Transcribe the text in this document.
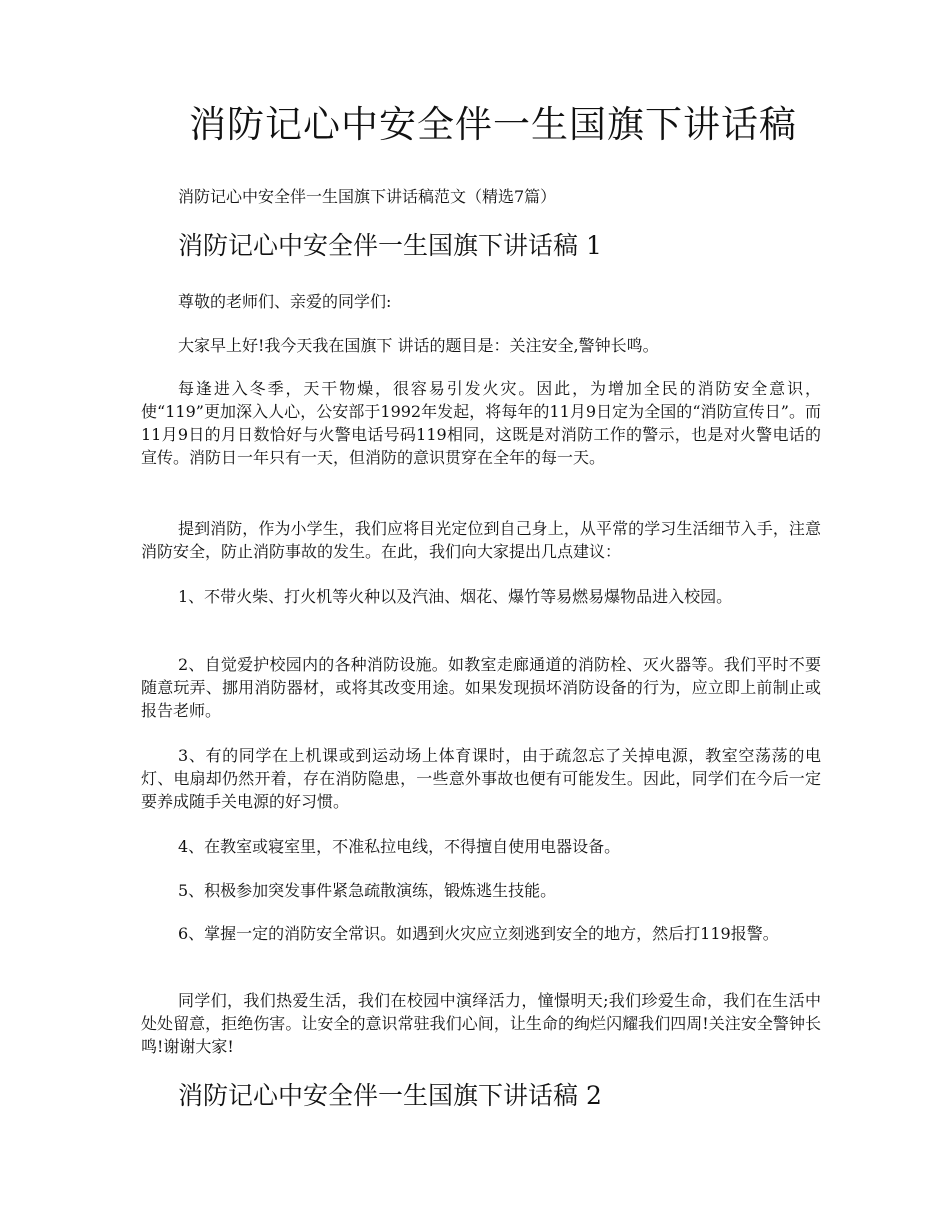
消防记心中安全伴一生国旗下讲话稿

消防记心中安全伴一生国旗下讲话稿范文（精选7篇）

消防记心中安全伴一生国旗下讲话稿 1

尊敬的老师们、亲爱的同学们:

大家早上好!我今天我在国旗下 讲话的题目是：关注安全,警钟长鸣。

每逢进入冬季，天干物燥，很容易引发火灾。因此，为增加全民的消防安全意识，使“119”更加深入人心，公安部于1992年发起，将每年的11月9日定为全国的“消防宣传日”。而11月9日的月日数恰好与火警电话号码119相同，这既是对消防工作的警示，也是对火警电话的宣传。消防日一年只有一天，但消防的意识贯穿在全年的每一天。

提到消防，作为小学生，我们应将目光定位到自己身上，从平常的学习生活细节入手，注意消防安全，防止消防事故的发生。在此，我们向大家提出几点建议：

1、不带火柴、打火机等火种以及汽油、烟花、爆竹等易燃易爆物品进入校园。

2、自觉爱护校园内的各种消防设施。如教室走廊通道的消防栓、灭火器等。我们平时不要随意玩弄、挪用消防器材，或将其改变用途。如果发现损坏消防设备的行为，应立即上前制止或报告老师。

3、有的同学在上机课或到运动场上体育课时，由于疏忽忘了关掉电源，教室空荡荡的电灯、电扇却仍然开着，存在消防隐患，一些意外事故也便有可能发生。因此，同学们在今后一定要养成随手关电源的好习惯。

4、在教室或寝室里，不准私拉电线，不得擅自使用电器设备。

5、积极参加突发事件紧急疏散演练，锻炼逃生技能。

6、掌握一定的消防安全常识。如遇到火灾应立刻逃到安全的地方，然后打119报警。

同学们，我们热爱生活，我们在校园中演绎活力，憧憬明天;我们珍爱生命，我们在生活中处处留意，拒绝伤害。让安全的意识常驻我们心间，让生命的绚烂闪耀我们四周!关注安全警钟长鸣!谢谢大家!

消防记心中安全伴一生国旗下讲话稿 2
